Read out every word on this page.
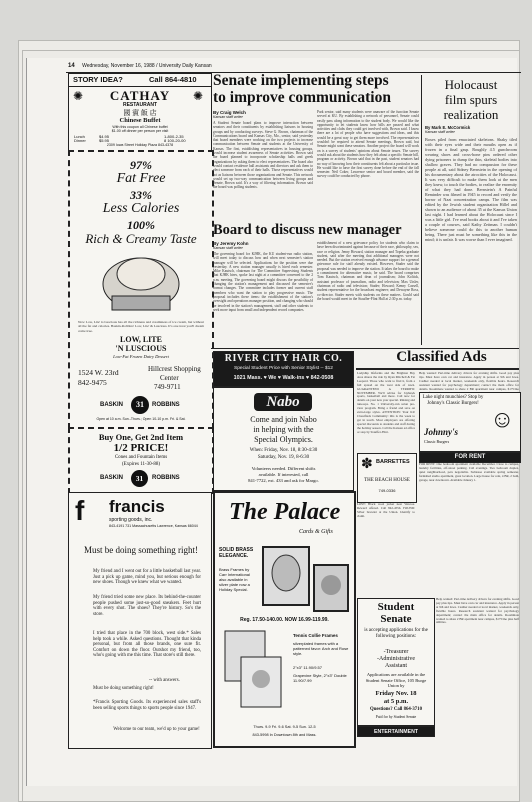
14 Wednesday, November 16, 1988 / University Daily Kansan
STORY IDEA?	Call 864-4810
CATHAY
RESTAURANT
國 賓 飯 店
Chinese Buffet
With this coupon all Chinese buffet
$1.00 off dinner per person per visit
Lunch	$4.95
Dinner	$5.95
1-800-2-35
8 100-20-00
2309 Iowa Street Holiday Plaza 843-4378
✺	✺
97%
Fat Free
33%
Less Calories
100%
Rich & Creamy Taste
Now Low, Lite' is Luscious has all the richness and creaminess of ice cream, but without all the fat and calories. Baskin-Robbins' Low, Lite' & Luscious. It's one treat you'll dream come true.
LOW, LITE
'N LUSCIOUS
Low-Fat Frozen Dairy Dessert
1524 W. 23rd
842-9475
Hillcrest Shopping
Center
749-9711
31
BASKIN	ROBBINS
Open at 10 a.m. Sun.-Thurs.; Open 10-10 p.m. Fri. & Sat.
Buy One, Get 2nd Item
1/2 PRICE!
Cones and Fountain Items
(Expires 11-30-88)
31
BASKIN	ROBBINS
francis
sporting goods, inc.
843-4191 731 Massachusetts Lawrence, Kansas 66044
f
Must be doing something right!
My friend and I went out for a little basketball last year. Just a pick up game, mind you, but serious enough for new shoes. Though we knew what we wanted.
My friend tried some new place. Its behind-the-counter people pushed some just-so-good sneakers. Feet hurt with every shot. The shoes? They're history. So's the store.
I tried that place in the 700 block, west side.* Sales help took a while. Asked questions. Thought that kinda personal, but from all those brands, one sure fit. Comfort on down the floor. Outshot my friend, too, who's going with me this time. That store's still there.
-- with answers.
Must be doing something right!
*Francis Sporting Goods. Its experienced sales staff's been selling sports things to sports people since 1947.
Welcome to our team, we'd up to your game!
Senate implementing steps
to improve communication
By Craig Welch
Kansan staff writer
A Student Senate board plans to improve interaction between senators and their constituents by establishing liaisons in housing groups and by conducting surveys. Steve G. Brown, chairman of the Communications board and Kansas City, Mo., senior, said yesterday that board members were working on the two projects to increase communication between Senate and students at the University of Kansas. The first, establishing representatives in housing groups, would increase student awareness of Senate activities. Brown said the board planned to incorporate scholarship halls and greek organizations by asking them to elect representatives. The board also would contact residence hall assistants and directors and ask them to elect someone from each of their halls. Those representatives would act as liaisons between those organizations and Senate. This network would set up two-way communication between living groups and Senate, Brown said. It's a way of filtering information. Brown said the board was polling students.
Park senior, said many students were unaware of the function Senate served at KU. By establishing a network of personnel, Senate could easily pass along information to the student body. We would like the opportunity to let students know how bills are passed and what activities and clubs they could get involved with, Brown said. I know there are a lot of people who have suggestions and ideas, and this would be a great way to get them more involved. The representatives wouldn't be required to attend Senate meetings, Brown said, but Senate might want these senators. Another project the board will work on is a survey of students' opinions about Senate issues. The survey would ask about the students how they felt about a specific Senate bill, program or activity. Brown said that in the past, student senators had no way of knowing how their constituents felt about a particular issue. He would like to have the first survey done before the end of the fall semester. Neil Coker, Lawrence senior and board member, said the survey could be conducted by phone.
Board to discuss new manager
By Jeremy Kohn
Kansan staff writer
The governing board for KJHK, the KU student-run radio station, will meet today to discuss how and when next semester's station manager will be selected. Applications for the position were due yesterday. A new station manager usually is hired each semester. Mike Kautsch, chairman for The Committee Supervising Students that KJHK hires, spoke last night at a committee convened to the 2 p.m. meeting. The governing board might discuss the possibility of changing the station's management and discussed the semester's format changes. The committee includes former and current staff members who want the station to play progressive music. The proposal includes these items: the establishment of the station's oversight and operations manager position, and changing who should be involved in the station's management, staff and other students to seek more input from small and independent record companies.
establishment of a new grievance policy for students who claim to have been discriminated against because of their race, philosophy, sex, race or religion. Jenny Howard, station manager and Topeka graduate student, said after the meeting that additional managers were not needed. But the station received enough advance support for a general grievance rule for staff already existed. However, Studer said the proposal was needed to improve the station. It takes the board to make a commitment for alternative music, he said. The board comprises Tom Kautsch, chairman and dean of journalism; John Koltick, assistant professor of journalism, radio and television; Max Utsler, chairman of radio and television; Studer; Howard; Kenny Cassell, student representative for the broadcast engineer; and Dewayne Ross, co-director. Studer meets with students on these matters. Gould said the board would meet in the Stauffer-Flint Hall at 2:30 p.m. today.
Holocaust
film spurs
realization
By Mark E. McCormick
Kansan staff writer
Boxes piled from emaciated skeletons. Shaky tiled with their eyes wide and their mouths open as if frozen in a final gasp. Roughly 4.5 gunchroom wearing shoes and cross-bone pins ordered other dying prisoners to dump the thin, skeletal bodies into shallow graves. They had no compassion for these people at all, said Sidney Bernstein in the opening of his documentary about the atrocities of the Holocaust. It was very difficult to make them look at the men they knew, to touch the bodies, to realize the enormity of what they had done. Bernstein's A Painful Reminder was filmed in 1945 to record and verify the horror of Nazi concentration camps. The film was edited by the Jewish student organization Hillel and shown to an audience of about 35 at the Kansas Union last night. I had learned about the Holocaust since I was a little girl. I've read books about it and I've taken a couple of courses, said Kathy Zeitman. I couldn't believe someone could do this to another human being. There just must be something like this in the mind; it is unfair. It was worse than I ever imagined.
RIVER CITY HAIR CO.
Special Student Price with Senior Stylist -- $12
1021 Mass. ♥ We ♥ Walk-ins ♥ 842-0508
Nabo
Come and join Nabo
in helping with the
Special Olympics.
When: Friday, Nov. 18, 8:30-4:30
Saturday, Nov. 19, 8-6:30
Volunteers needed. Different shifts
available. If interested, call
841-7722, ext. 433 and ask for Margo.
The Palace
Cards & Gifts
SOLID BRASS ELEGANCE.
Brass Frames by Carr International also available in silver plate now a Holiday Special.
Reg. 17.50-140.00. NOW 16.99-119.99.
Tennis Collie Frames
silverplated frames with a patterned favor: Arch and Rose style.
2"x3" 11.90/9.57
Grapevine Style, 2"x3" Double 11.90/7.99
Thurs. 9-9 Fri. 9-6 Sat. 9-5 Sun. 12-5
843-5998 In Downtown 8th and Mass.
Classified Ads
Ladyship lifeforms and the Brighton Bay Area shares the ride by Ryan Mitchell & Fat Leopard. Those who want to find it, from a full spread on the west side of town. GUARANTEED A TERRIFIC NOVEMBER. We'll advise for Jayhawk sports, basketball and more. Call now for details on your new year special. Rinsing and tune-ups. No. 1 University-run salon pre-view program. Bring a friend and save on extra-large styles. ATTENTION: Your KU Classifieds Community: this is the week to get in touch. Most employers are offering special discounts to students and staff during the holiday season. Call the Kansan ad office or stop by Stauffer-Flint.
✽ BARRETTES
THE BEACH HOUSE
749-0336
LOST: Black wool jacket near Wescoe. Reward offered. Call 842-4556. FOUND: Silver bracelet at the Union. Identify to claim.
Help wanted: Part-time delivery drivers for evening shifts. Good pay plus tips. Must have own car and insurance. Apply in person at 9th and Iowa. Cashier needed at local market, weekends only, flexible hours. Research assistant wanted for psychology department; contact the main office for details. Roommate wanted to share 2 BR apartment near campus, $175/mo
Lake night munchies? Stop by Johnny's Classic Burgers!
Johnny's
Classic Burgers
☺
FOR RENT
FOR RENT: One bedroom apartment available December. Close to campus, laundry facilities, off-street parking. Call evenings. Two bedroom duplex, quiet neighborhood, pets negotiable. Sublease available spring semester, furnished studio apartment, great location. Large house for rent, 4 BR, 2 bath, garage, near downtown. Available January 1.
Student
Senate
is accepting applications for the following positions:
-Treasurer
-Administrative
Assistant
Applications are available in the Student Senate Office, 105 Burge Union by
Friday Nov. 18
at 5 p.m.
Questions? Call 864-3710
Paid for by Student Senate
ENTERTAINMENT
Help wanted: Part-time delivery drivers for evening shifts. Good pay plus tips. Must have own car and insurance. Apply in person at 9th and Iowa. Cashier needed at local market, weekends only, flexible hours. Research assistant wanted for psychology department; contact the main office for details. Roommate wanted to share 2 BR apartment near campus, $175/mo plus half utilities.
